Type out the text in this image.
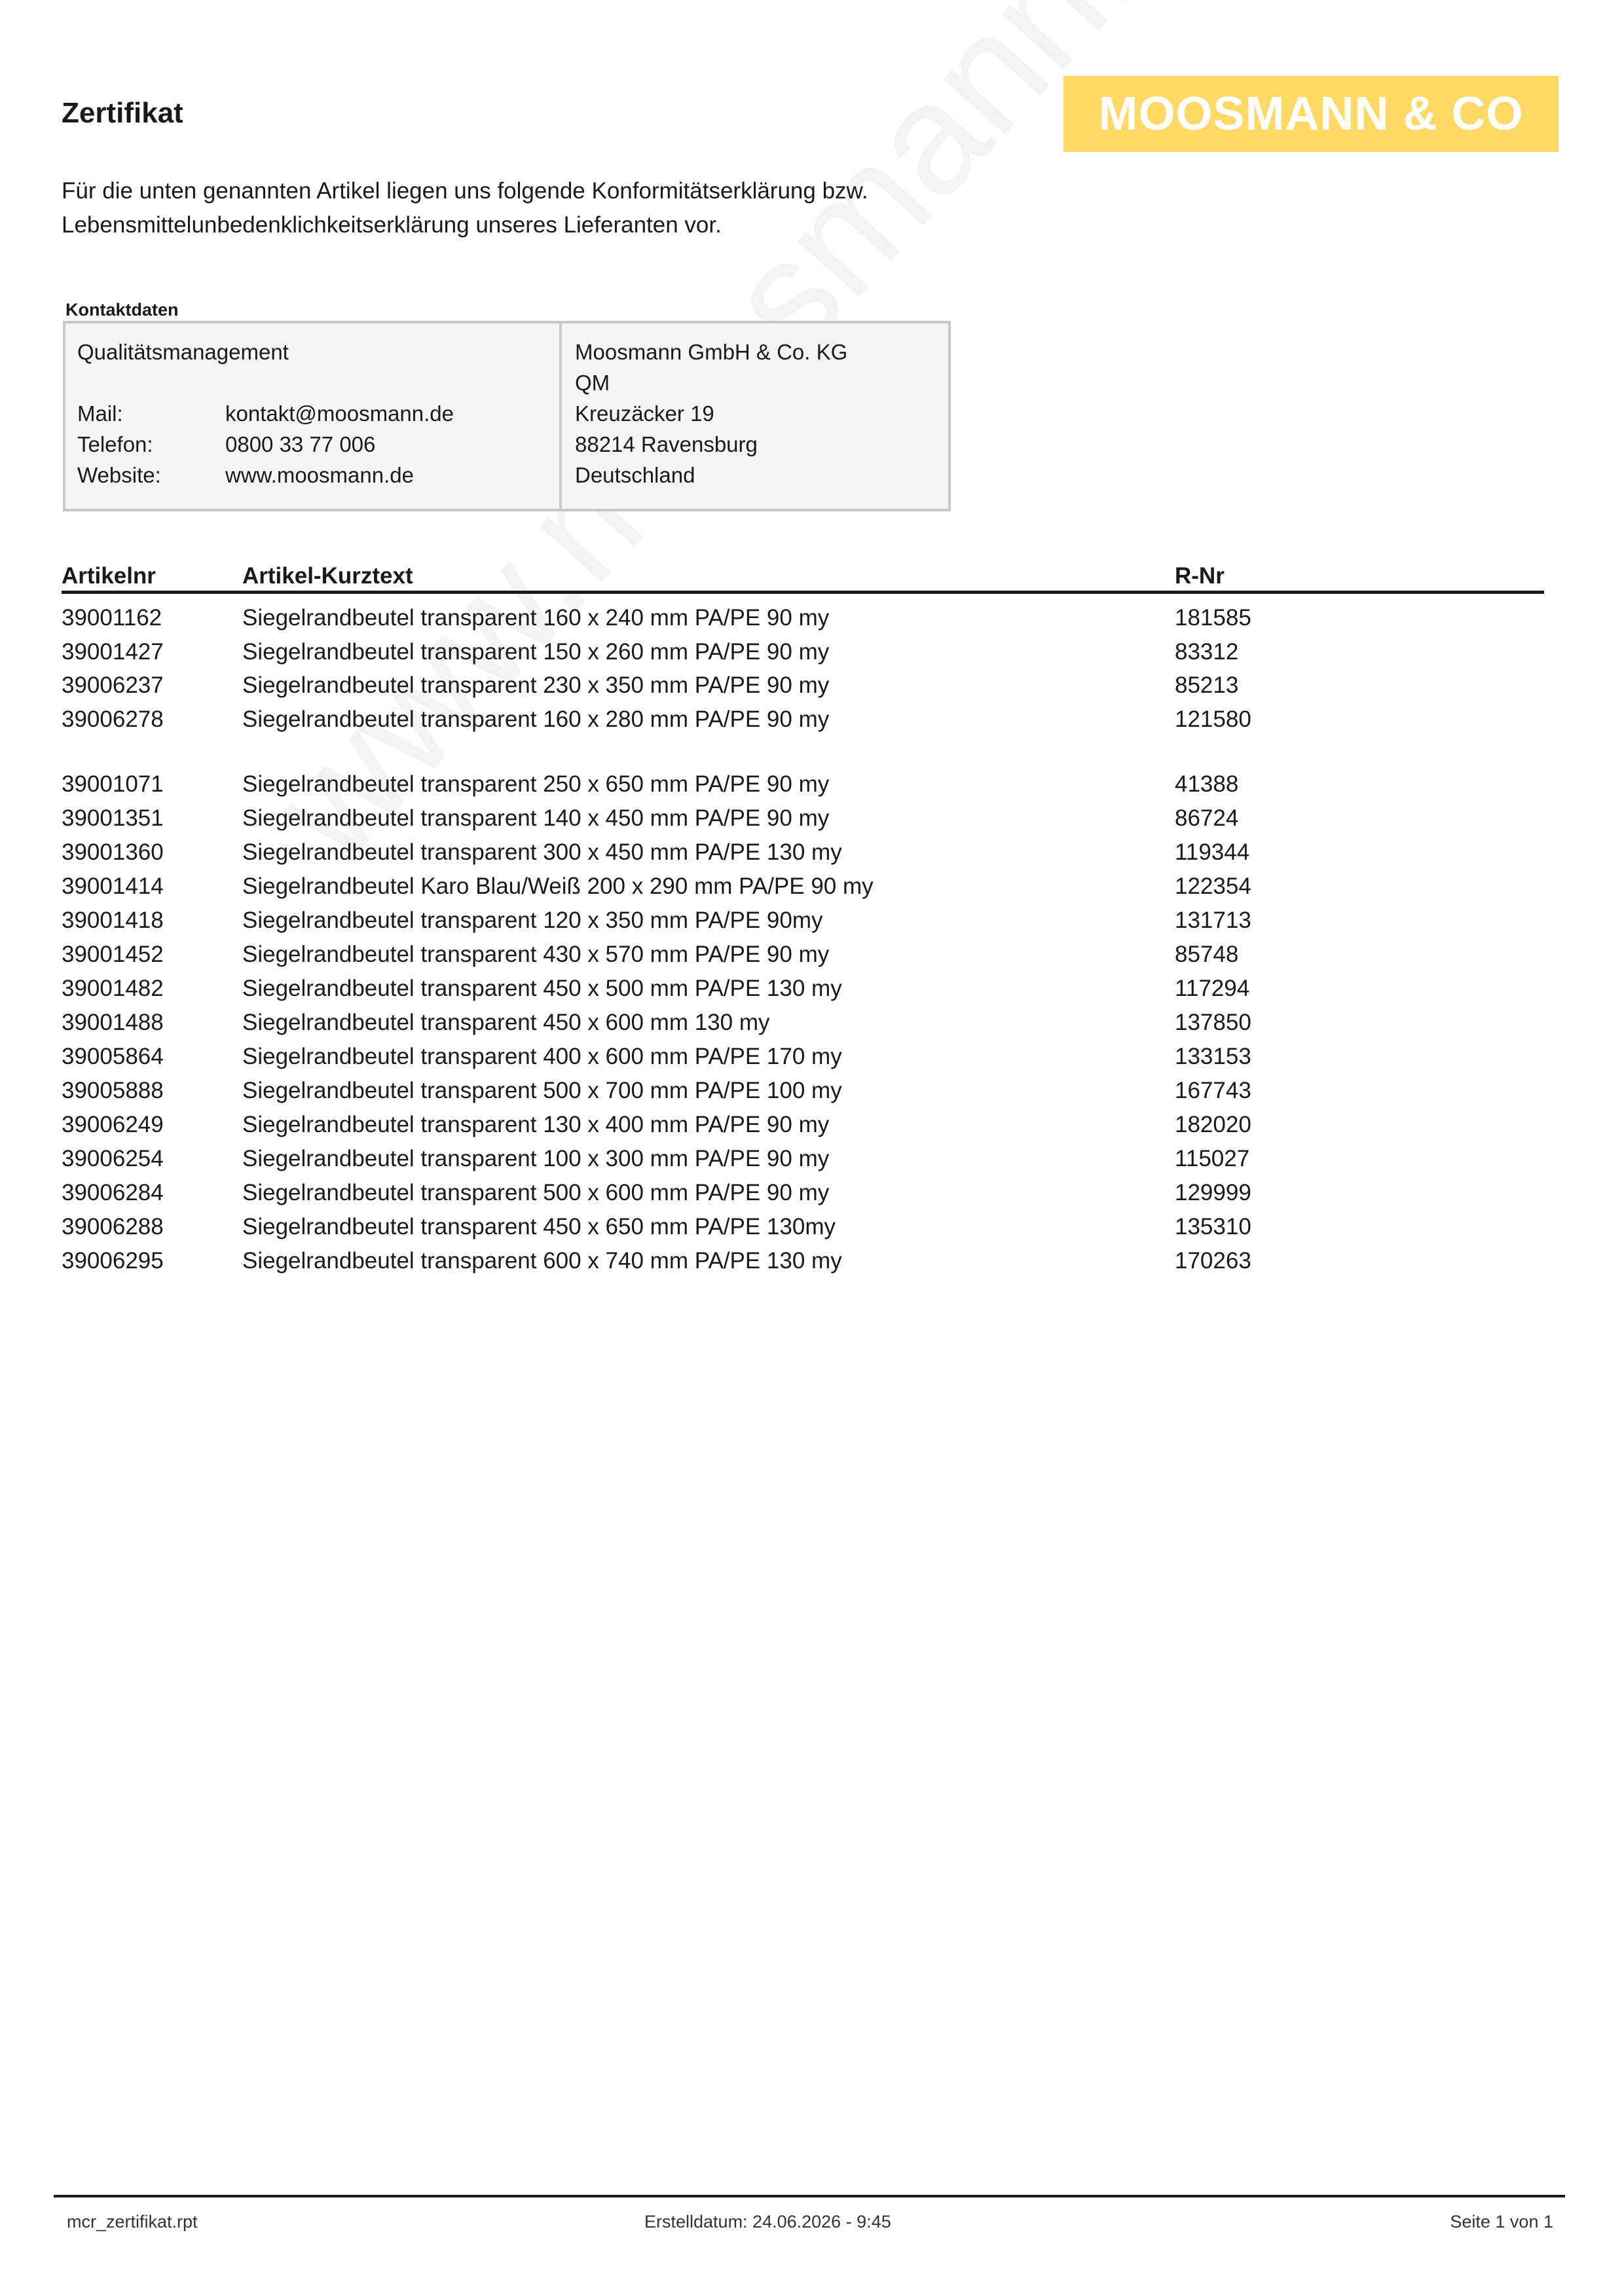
Zertifikat	MOOSMANN & CO
Für die unten genannten Artikel liegen uns folgende Konformitätserklärung bzw.
Lebensmittelunbedenklichkeitserklärung unseres Lieferanten vor.
Kontaktdaten
Qualitätsmanagement
Mail:	kontakt@moosmann.de
Telefon:	0800 33 77 006
Website:	www.moosmann.de
Moosmann GmbH & Co. KG
QM
Kreuzäcker 19
88214 Ravensburg
Deutschland
Artikelnr	Artikel-Kurztext	R-Nr
39001162	Siegelrandbeutel transparent 160 x 240 mm PA/PE 90 my	181585
39001427	Siegelrandbeutel transparent 150 x 260 mm PA/PE 90 my	83312
39006237	Siegelrandbeutel transparent 230 x 350 mm PA/PE 90 my	85213
39006278	Siegelrandbeutel transparent 160 x 280 mm PA/PE 90 my	121580
39001071	Siegelrandbeutel transparent 250 x 650 mm PA/PE 90 my	41388
39001351	Siegelrandbeutel transparent 140 x 450 mm PA/PE 90 my	86724
39001360	Siegelrandbeutel transparent 300 x 450 mm PA/PE 130 my	119344
39001414	Siegelrandbeutel Karo Blau/Weiß 200 x 290 mm PA/PE 90 my	122354
39001418	Siegelrandbeutel transparent 120 x 350 mm PA/PE 90my	131713
39001452	Siegelrandbeutel transparent 430 x 570 mm PA/PE 90 my	85748
39001482	Siegelrandbeutel transparent 450 x 500 mm PA/PE 130 my	117294
39001488	Siegelrandbeutel transparent 450 x 600 mm 130 my	137850
39005864	Siegelrandbeutel transparent 400 x 600 mm PA/PE 170 my	133153
39005888	Siegelrandbeutel transparent 500 x 700 mm PA/PE 100 my	167743
39006249	Siegelrandbeutel transparent 130 x 400 mm PA/PE 90 my	182020
39006254	Siegelrandbeutel transparent 100 x 300 mm PA/PE 90 my	115027
39006284	Siegelrandbeutel transparent 500 x 600 mm PA/PE 90 my	129999
39006288	Siegelrandbeutel transparent 450 x 650 mm PA/PE 130my	135310
39006295	Siegelrandbeutel transparent 600 x 740 mm PA/PE 130 my	170263
mcr_zertifikat.rpt	Erstelldatum: 24.06.2026 - 9:45	Seite 1 von 1
